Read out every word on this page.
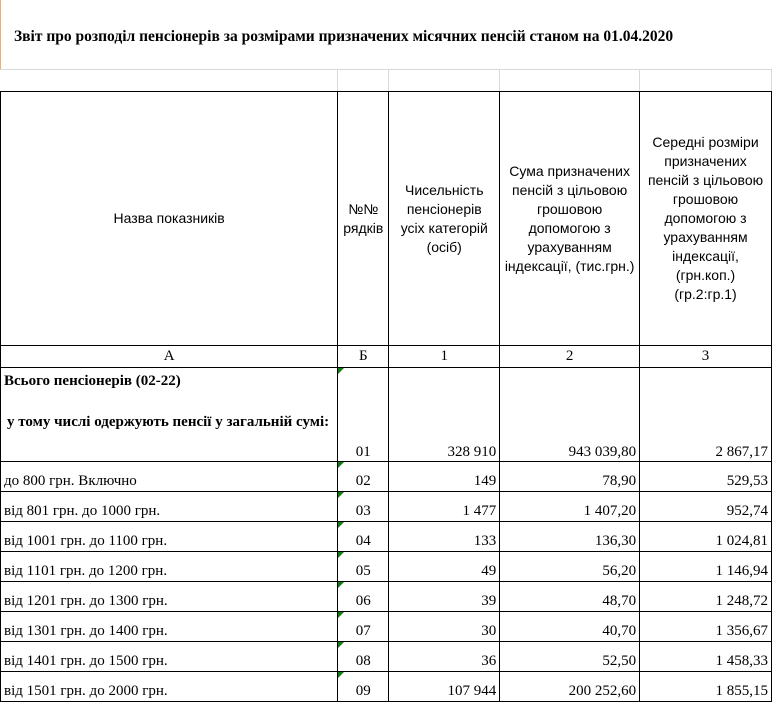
Звіт про розподіл пенсіонерів за розмірами призначених місячних пенсій станом на 01.04.2020
Назва показників	№№ рядків	Чисельність пенсіонерів усіх категорій (осіб)	Сума призначених пенсій з цільовою грошовою допомогою з урахуванням індексації, (тис.грн.)	Середні розміри призначених пенсій з цільовою грошовою допомогою з урахуванням індексації, (грн.коп.) (гр.2:гр.1)
А	Б	1	2	3
Всього пенсіонерів (02-22)
у тому числі одержують пенсії у загальній сумі:	01	328 910	943 039,80	2 867,17
до 800 грн. Включно	02	149	78,90	529,53
від 801 грн. до 1000 грн.	03	1 477	1 407,20	952,74
від 1001 грн. до 1100 грн.	04	133	136,30	1 024,81
від 1101 грн. до 1200 грн.	05	49	56,20	1 146,94
від 1201 грн. до 1300 грн.	06	39	48,70	1 248,72
від 1301 грн. до 1400 грн.	07	30	40,70	1 356,67
від 1401 грн. до 1500 грн.	08	36	52,50	1 458,33
від 1501 грн. до 2000 грн.	09	107 944	200 252,60	1 855,15
